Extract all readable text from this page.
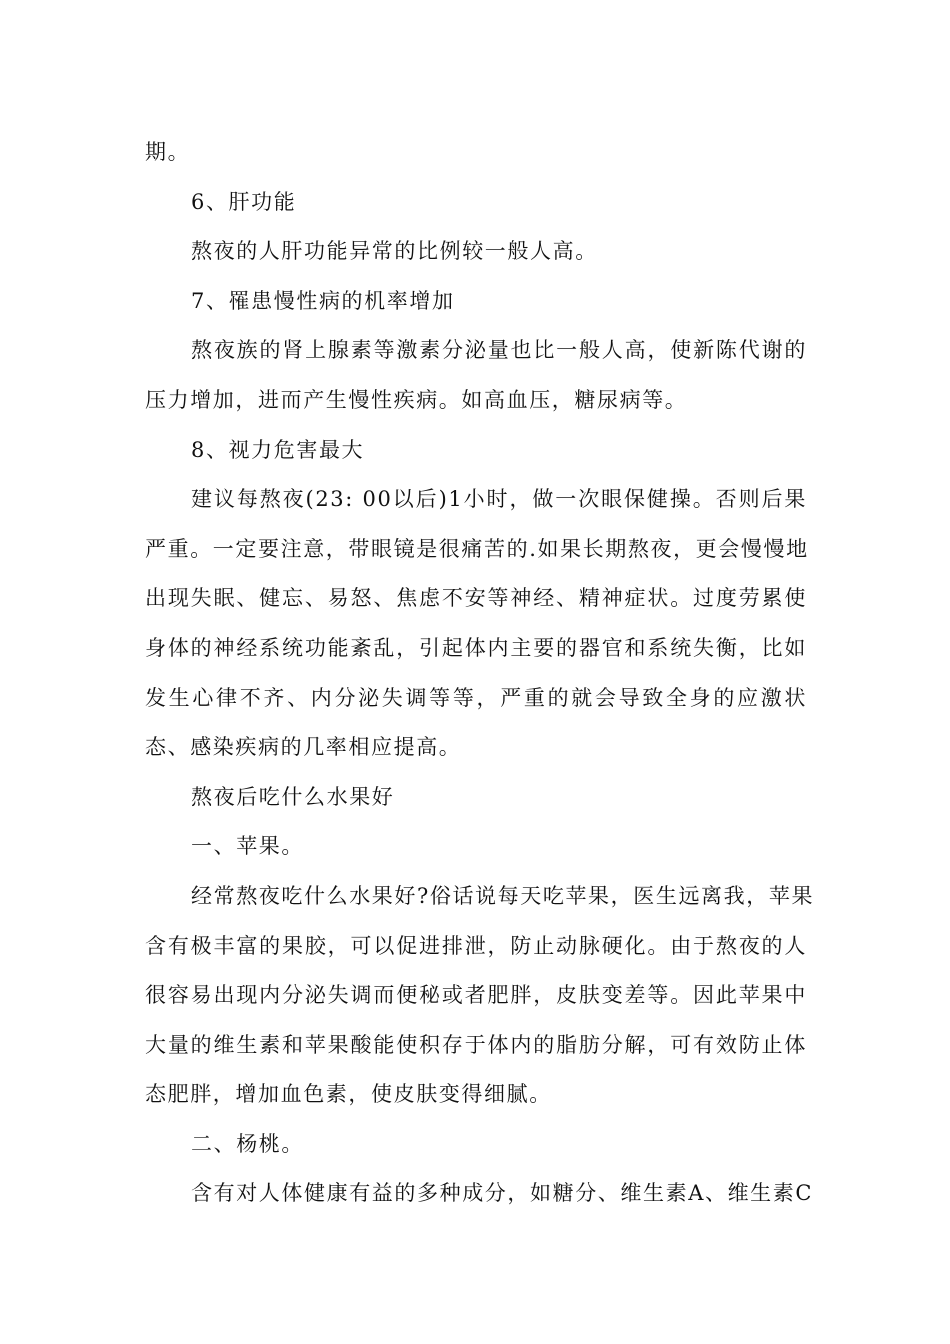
期。
6、肝功能
熬夜的人肝功能异常的比例较一般人高。
7、罹患慢性病的机率增加
熬夜族的肾上腺素等激素分泌量也比一般人高，使新陈代谢的
压力增加，进而产生慢性疾病。如高血压，糖尿病等。
8、视力危害最大
建议每熬夜(23: 00以后)1小时，做一次眼保健操。否则后果
严重。一定要注意，带眼镜是很痛苦的.如果长期熬夜，更会慢慢地
出现失眠、健忘、易怒、焦虑不安等神经、精神症状。过度劳累使
身体的神经系统功能紊乱，引起体内主要的器官和系统失衡，比如
发生心律不齐、内分泌失调等等，严重的就会导致全身的应激状
态、感染疾病的几率相应提高。
熬夜后吃什么水果好
一、苹果。
经常熬夜吃什么水果好?俗话说每天吃苹果，医生远离我，苹果
含有极丰富的果胶，可以促进排泄，防止动脉硬化。由于熬夜的人
很容易出现内分泌失调而便秘或者肥胖，皮肤变差等。因此苹果中
大量的维生素和苹果酸能使积存于体内的脂肪分解，可有效防止体
态肥胖，增加血色素，使皮肤变得细腻。
二、杨桃。
含有对人体健康有益的多种成分，如糖分、维生素A、维生素C
